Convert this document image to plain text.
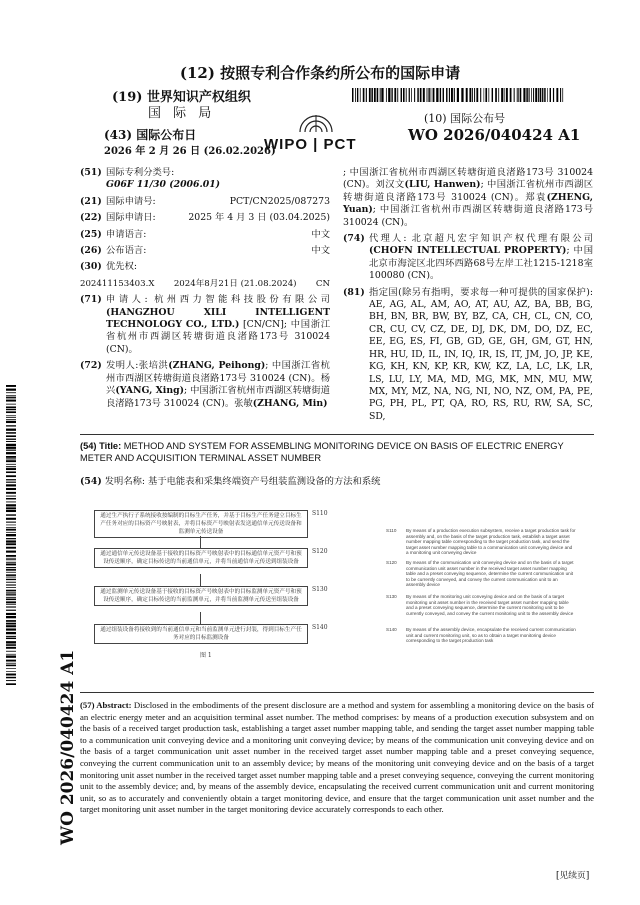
(12) 按照专利合作条约所公布的国际申请
(19) 世界知识产权组织
国 际 局
(43) 国际公布日
2026 年 2 月 26 日 (26.02.2026)
WIPO | PCT
(10) 国际公布号
WO 2026/040424 A1
WO 2026/040424 A1
(51) 国际专利分类号:
G06F 11/30 (2006.01)
(21) 国际申请号:	PCT/CN2025/087273
(22) 国际申请日:	2025 年 4 月 3 日 (03.04.2025)
(25) 申请语言:	中文
(26) 公布语言:	中文
(30) 优先权:
202411153403.X 2024年8月21日 (21.08.2024) CN
(71) 申请人: 杭州西力智能科技股份有限公司(HANGZHOU XILI INTELLIGENT TECHNOLOGY CO., LTD.) [CN/CN]; 中国浙江省杭州市西湖区转塘街道良渚路173号 310024 (CN)。
(72) 发明人:张培洪(ZHANG, Peihong); 中国浙江省杭州市西湖区转塘街道良渚路173号 310024 (CN)。杨兴(YANG, Xing); 中国浙江省杭州市西湖区转塘街道良渚路173号 310024 (CN)。张敏(ZHANG, Min)
; 中国浙江省杭州市西湖区转塘街道良渚路173号 310024 (CN)。刘汉文(LIU, Hanwen); 中国浙江省杭州市西湖区转塘街道良渚路173号 310024 (CN)。郑袁(ZHENG, Yuan); 中国浙江省杭州市西湖区转塘街道良渚路173号 310024 (CN)。
(74) 代理人: 北京超凡宏宇知识产权代理有限公司(CHOFN INTELLECTUAL PROPERTY); 中国北京市海淀区北四环西路68号左岸工社1215-1218室 100080 (CN)。
(81) 指定国(除另有指明，要求每一种可提供的国家保护): AE, AG, AL, AM, AO, AT, AU, AZ, BA, BB, BG, BH, BN, BR, BW, BY, BZ, CA, CH, CL, CN, CO, CR, CU, CV, CZ, DE, DJ, DK, DM, DO, DZ, EC, EE, EG, ES, FI, GB, GD, GE, GH, GM, GT, HN, HR, HU, ID, IL, IN, IQ, IR, IS, IT, JM, JO, JP, KE, KG, KH, KN, KP, KR, KW, KZ, LA, LC, LK, LR, LS, LU, LY, MA, MD, MG, MK, MN, MU, MW, MX, MY, MZ, NA, NG, NI, NO, NZ, OM, PA, PE, PG, PH, PL, PT, QA, RO, RS, RU, RW, SA, SC, SD,
(54) Title: METHOD AND SYSTEM FOR ASSEMBLING MONITORING DEVICE ON BASIS OF ELECTRIC ENERGY METER AND ACQUISITION TERMINAL ASSET NUMBER
(54) 发明名称: 基于电能表和采集终端资产号组装监测设备的方法和系统
通过生产执行子系统接收按编制的目标生产任务，并基于目标生产任务建立目标生产任务对应的目标资产号映射表，并将目标资产号映射表发送通信单元传送设备和监测单元传送设备
S110
通过通信单元传送设备基于接收的目标资产号映射表中的目标通信单元资产号和预设传送顺序，确定目标传送的当前通信单元，并将当前通信单元传送到组装设备
S120
通过监测单元传送设备基于接收的目标资产号映射表中的目标监测单元资产号和预设传送顺序，确定目标传送的当前监测单元，并将当前监测单元传送至组装设备
S130
通过组装设备将接收到的当前通信单元和当前监测单元进行封装，得到目标生产任务对应的目标监测设备
S140
图 1
S110	By means of a production execution subsystem, receive a target production task for assembly and, on the basis of the target production task, establish a target asset number mapping table corresponding to the target production task, and send the target asset number mapping table to a communication unit conveying device and a monitoring unit conveying device
S120	By means of the communication unit conveying device and on the basis of a target communication unit asset number in the received target asset number mapping table and a preset conveying sequence, determine the current communication unit to be currently conveyed, and convey the current communication unit to an assembly device
S130	By means of the monitoring unit conveying device and on the basis of a target monitoring unit asset number in the received target asset number mapping table and a preset conveying sequence, determine the current monitoring unit to be currently conveyed, and convey the current monitoring unit to the assembly device
S140	By means of the assembly device, encapsulate the received current communication unit and current monitoring unit, so as to obtain a target monitoring device corresponding to the target production task
(57) Abstract: Disclosed in the embodiments of the present disclosure are a method and system for assembling a monitoring device on the basis of an electric energy meter and an acquisition terminal asset number. The method comprises: by means of a production execution subsystem and on the basis of a received target production task, establishing a target asset number mapping table, and sending the target asset number mapping table to a communication unit conveying device and a monitoring unit conveying device; by means of the communication unit conveying device and on the basis of a target communication unit asset number in the received target asset number mapping table and a preset conveying sequence, conveying the current communication unit to an assembly device; by means of the monitoring unit conveying device and on the basis of a target monitoring unit asset number in the received target asset number mapping table and a preset conveying sequence, conveying the current monitoring unit to the assembly device; and, by means of the assembly device, encapsulating the received current communication unit and current monitoring unit, so as to accurately and conveniently obtain a target monitoring device, and ensure that the target communication unit asset number and the target monitoring unit asset number in the target monitoring device accurately corresponds to each other.
[见续页]
